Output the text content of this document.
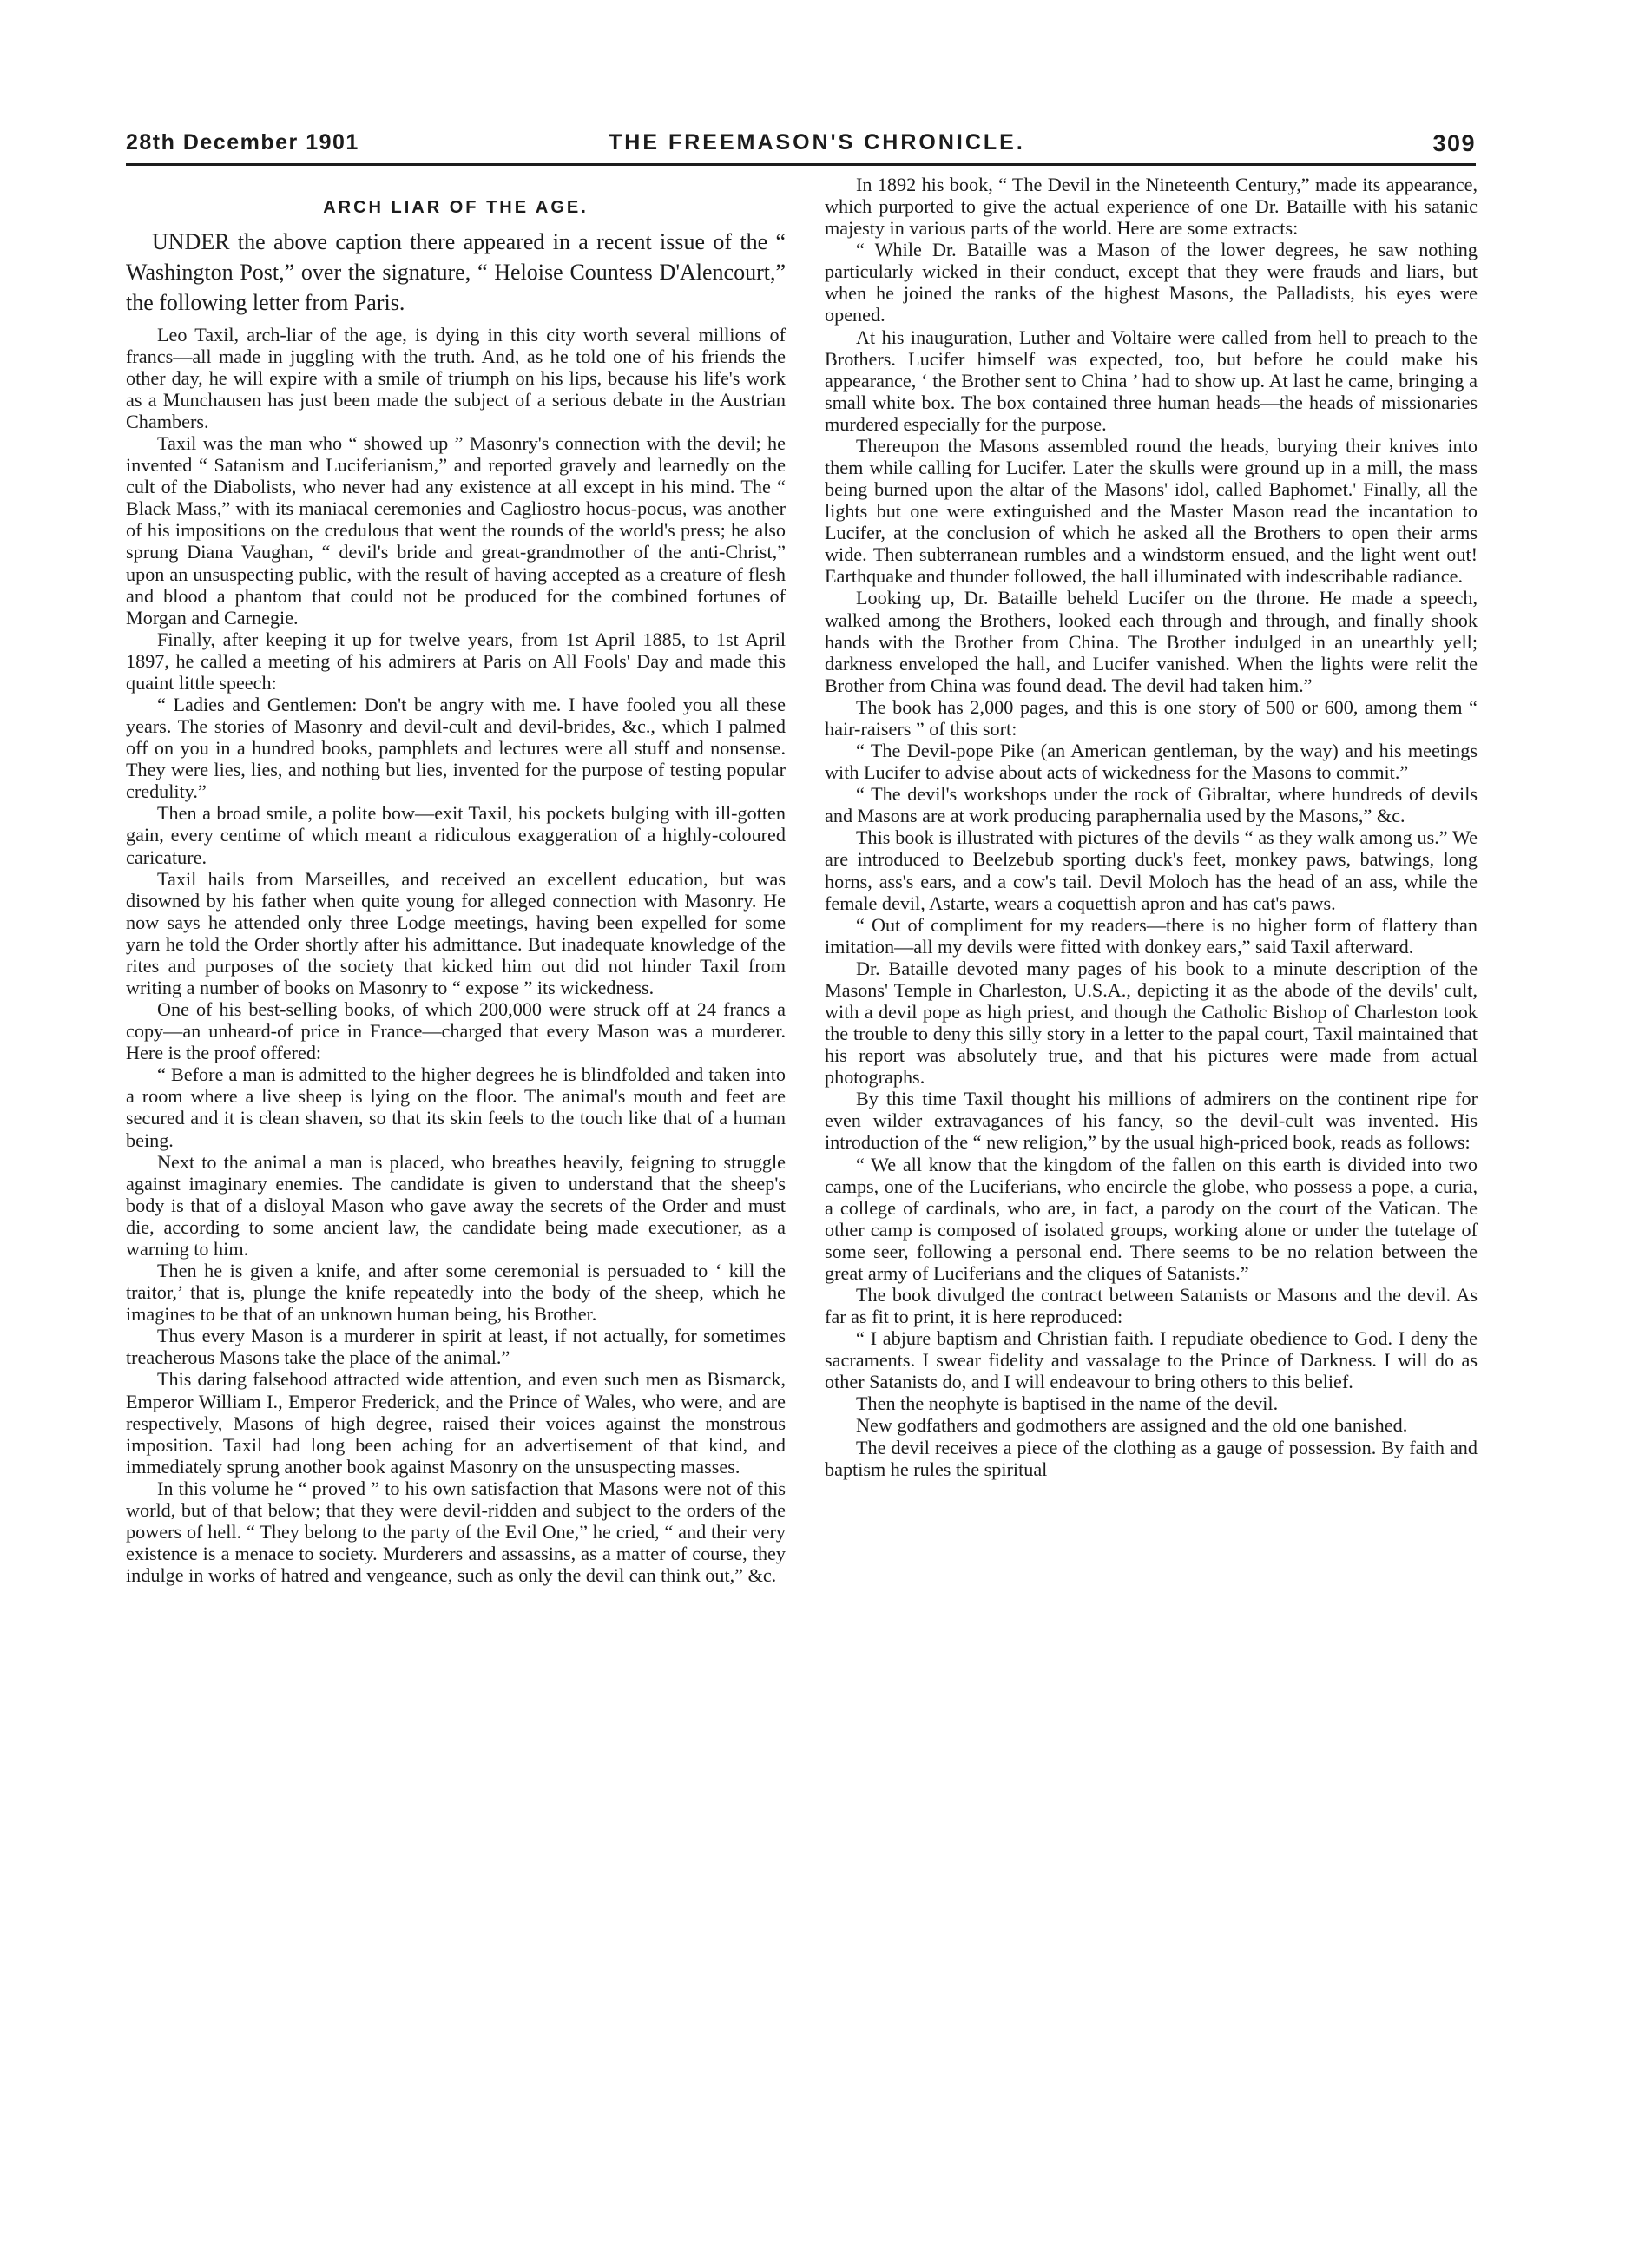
28th December 1901	THE FREEMASON'S CHRONICLE.	309
ARCH LIAR OF THE AGE.

UNDER the above caption there appeared in a recent issue of the “ Washington Post,” over the signature, “ Heloise Countess D'Alencourt,” the following letter from Paris.

Leo Taxil, arch-liar of the age, is dying in this city worth several millions of francs—all made in juggling with the truth. And, as he told one of his friends the other day, he will expire with a smile of triumph on his lips, because his life's work as a Munchausen has just been made the subject of a serious debate in the Austrian Chambers.

Taxil was the man who “ showed up ” Masonry's connection with the devil; he invented “ Satanism and Luciferianism,” and reported gravely and learnedly on the cult of the Diabolists, who never had any existence at all except in his mind. The “ Black Mass,” with its maniacal ceremonies and Cagliostro hocus-pocus, was another of his impositions on the credulous that went the rounds of the world's press; he also sprung Diana Vaughan, “ devil's bride and great-grandmother of the anti-Christ,” upon an unsuspecting public, with the result of having accepted as a creature of flesh and blood a phantom that could not be produced for the combined fortunes of Morgan and Carnegie.

Finally, after keeping it up for twelve years, from 1st April 1885, to 1st April 1897, he called a meeting of his admirers at Paris on All Fools' Day and made this quaint little speech:

“ Ladies and Gentlemen: Don't be angry with me. I have fooled you all these years. The stories of Masonry and devil-cult and devil-brides, &c., which I palmed off on you in a hundred books, pamphlets and lectures were all stuff and nonsense. They were lies, lies, and nothing but lies, invented for the purpose of testing popular credulity.”

Then a broad smile, a polite bow—exit Taxil, his pockets bulging with ill-gotten gain, every centime of which meant a ridiculous exaggeration of a highly-coloured caricature.

Taxil hails from Marseilles, and received an excellent education, but was disowned by his father when quite young for alleged connection with Masonry. He now says he attended only three Lodge meetings, having been expelled for some yarn he told the Order shortly after his admittance. But inadequate knowledge of the rites and purposes of the society that kicked him out did not hinder Taxil from writing a number of books on Masonry to “ expose ” its wickedness.

One of his best-selling books, of which 200,000 were struck off at 24 francs a copy—an unheard-of price in France—charged that every Mason was a murderer. Here is the proof offered:

“ Before a man is admitted to the higher degrees he is blindfolded and taken into a room where a live sheep is lying on the floor. The animal's mouth and feet are secured and it is clean shaven, so that its skin feels to the touch like that of a human being.

Next to the animal a man is placed, who breathes heavily, feigning to struggle against imaginary enemies. The candidate is given to understand that the sheep's body is that of a disloyal Mason who gave away the secrets of the Order and must die, according to some ancient law, the candidate being made executioner, as a warning to him.

Then he is given a knife, and after some ceremonial is persuaded to ‘ kill the traitor,’ that is, plunge the knife repeatedly into the body of the sheep, which he imagines to be that of an unknown human being, his Brother.

Thus every Mason is a murderer in spirit at least, if not actually, for sometimes treacherous Masons take the place of the animal.”

This daring falsehood attracted wide attention, and even such men as Bismarck, Emperor William I., Emperor Frederick, and the Prince of Wales, who were, and are respectively, Masons of high degree, raised their voices against the monstrous imposition. Taxil had long been aching for an advertisement of that kind, and immediately sprung another book against Masonry on the unsuspecting masses.

In this volume he “ proved ” to his own satisfaction that Masons were not of this world, but of that below; that they were devil-ridden and subject to the orders of the powers of hell. “ They belong to the party of the Evil One,” he cried, “ and their very existence is a menace to society. Murderers and assassins, as a matter of course, they indulge in works of hatred and vengeance, such as only the devil can think out,” &c.

In 1892 his book, “ The Devil in the Nineteenth Century,” made its appearance, which purported to give the actual experience of one Dr. Bataille with his satanic majesty in various parts of the world. Here are some extracts:

“ While Dr. Bataille was a Mason of the lower degrees, he saw nothing particularly wicked in their conduct, except that they were frauds and liars, but when he joined the ranks of the highest Masons, the Palladists, his eyes were opened.

At his inauguration, Luther and Voltaire were called from hell to preach to the Brothers. Lucifer himself was expected, too, but before he could make his appearance, ‘ the Brother sent to China ’ had to show up. At last he came, bringing a small white box. The box contained three human heads—the heads of missionaries murdered especially for the purpose.

Thereupon the Masons assembled round the heads, burying their knives into them while calling for Lucifer. Later the skulls were ground up in a mill, the mass being burned upon the altar of the Masons' idol, called Baphomet.' Finally, all the lights but one were extinguished and the Master Mason read the incantation to Lucifer, at the conclusion of which he asked all the Brothers to open their arms wide. Then subterranean rumbles and a windstorm ensued, and the light went out! Earthquake and thunder followed, the hall illuminated with indescribable radiance.

Looking up, Dr. Bataille beheld Lucifer on the throne. He made a speech, walked among the Brothers, looked each through and through, and finally shook hands with the Brother from China. The Brother indulged in an unearthly yell; darkness enveloped the hall, and Lucifer vanished. When the lights were relit the Brother from China was found dead. The devil had taken him.”

The book has 2,000 pages, and this is one story of 500 or 600, among them “ hair-raisers ” of this sort:

“ The Devil-pope Pike (an American gentleman, by the way) and his meetings with Lucifer to advise about acts of wickedness for the Masons to commit.”

“ The devil's workshops under the rock of Gibraltar, where hundreds of devils and Masons are at work producing paraphernalia used by the Masons,” &c.

This book is illustrated with pictures of the devils “ as they walk among us.” We are introduced to Beelzebub sporting duck's feet, monkey paws, batwings, long horns, ass's ears, and a cow's tail. Devil Moloch has the head of an ass, while the female devil, Astarte, wears a coquettish apron and has cat's paws.

“ Out of compliment for my readers—there is no higher form of flattery than imitation—all my devils were fitted with donkey ears,” said Taxil afterward.

Dr. Bataille devoted many pages of his book to a minute description of the Masons' Temple in Charleston, U.S.A., depicting it as the abode of the devils' cult, with a devil pope as high priest, and though the Catholic Bishop of Charleston took the trouble to deny this silly story in a letter to the papal court, Taxil maintained that his report was absolutely true, and that his pictures were made from actual photographs.

By this time Taxil thought his millions of admirers on the continent ripe for even wilder extravagances of his fancy, so the devil-cult was invented. His introduction of the “ new religion,” by the usual high-priced book, reads as follows:

“ We all know that the kingdom of the fallen on this earth is divided into two camps, one of the Luciferians, who encircle the globe, who possess a pope, a curia, a college of cardinals, who are, in fact, a parody on the court of the Vatican. The other camp is composed of isolated groups, working alone or under the tutelage of some seer, following a personal end. There seems to be no relation between the great army of Luciferians and the cliques of Satanists.”

The book divulged the contract between Satanists or Masons and the devil. As far as fit to print, it is here reproduced:

“ I abjure baptism and Christian faith. I repudiate obedience to God. I deny the sacraments. I swear fidelity and vassalage to the Prince of Darkness. I will do as other Satanists do, and I will endeavour to bring others to this belief.

Then the neophyte is baptised in the name of the devil.

New godfathers and godmothers are assigned and the old one banished.

The devil receives a piece of the clothing as a gauge of possession. By faith and baptism he rules the spiritual
